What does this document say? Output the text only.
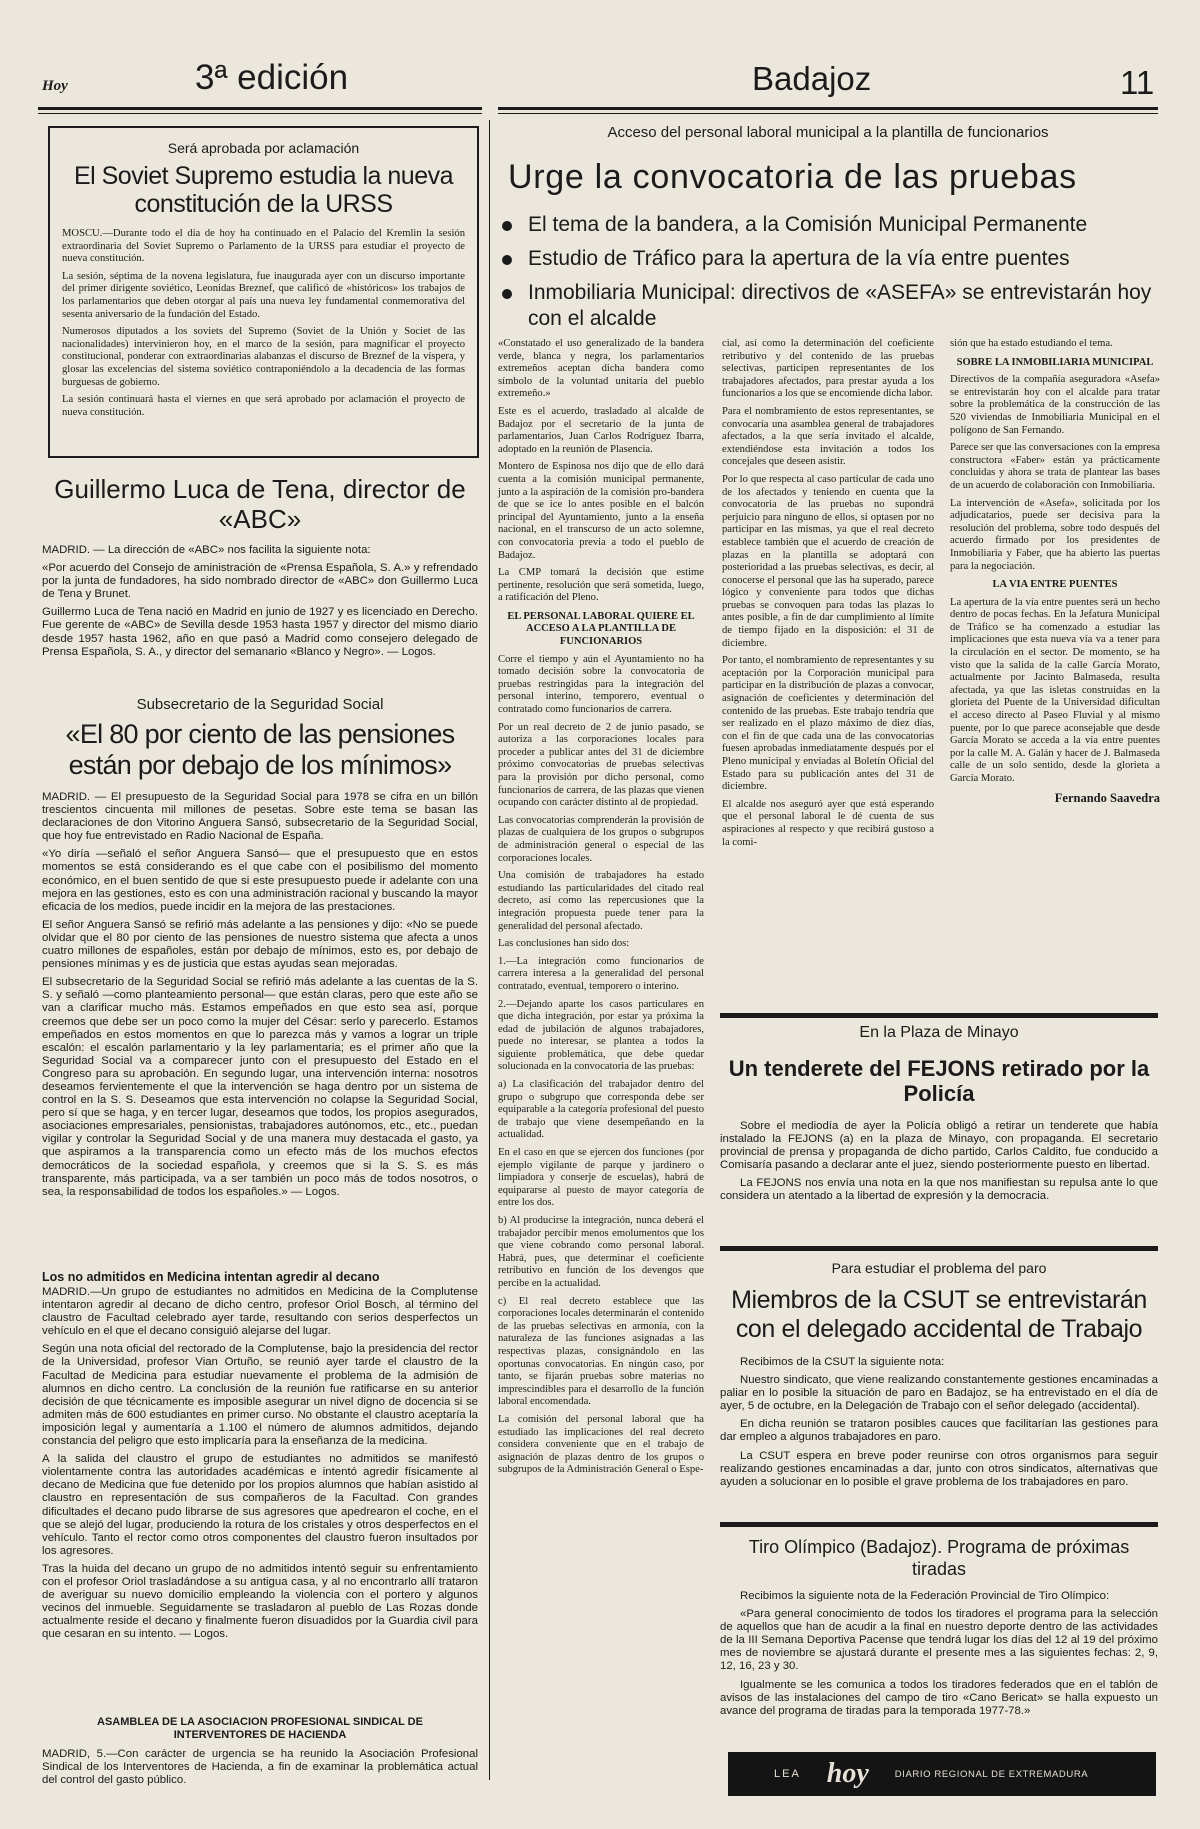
Hoy	3ª edición	Badajoz	11
Será aprobada por aclamación
El Soviet Supremo estudia la nueva constitución de la URSS

MOSCU.—Durante todo el día de hoy ha continuado en el Palacio del Kremlin la sesión extraordinaria del Soviet Supremo o Parlamento de la URSS para estudiar el proyecto de nueva constitución.

La sesión, séptima de la novena legislatura, fue inaugurada ayer con un discurso importante del primer dirigente soviético, Leonidas Breznef, que calificó de «históricos» los trabajos de los parlamentarios que deben otorgar al país una nueva ley fundamental conmemorativa del sesenta aniversario de la fundación del Estado.

Numerosos diputados a los soviets del Supremo (Soviet de la Unión y Societ de las nacionalidades) intervinieron hoy, en el marco de la sesión, para magnificar el proyecto constitucional, ponderar con extraordinarias alabanzas el discurso de Breznef de la víspera, y glosar las excelencias del sistema soviético contraponiéndolo a la decadencia de las formas burguesas de gobierno.

La sesión continuará hasta el viernes en que será aprobado por aclamación el proyecto de nueva constitución.

Guillermo Luca de Tena, director de «ABC»

MADRID. — La dirección de «ABC» nos facilita la siguiente nota:

«Por acuerdo del Consejo de aministración de «Prensa Española, S. A.» y refrendado por la junta de fundadores, ha sido nombrado director de «ABC» don Guillermo Luca de Tena y Brunet.

Guillermo Luca de Tena nació en Madrid en junio de 1927 y es licenciado en Derecho. Fue gerente de «ABC» de Sevilla desde 1953 hasta 1957 y director del mismo diario desde 1957 hasta 1962, año en que pasó a Madrid como consejero delegado de Prensa Española, S. A., y director del semanario «Blanco y Negro». — Logos.

Subsecretario de la Seguridad Social
«El 80 por ciento de las pensiones están por debajo de los mínimos»

MADRID. — El presupuesto de la Seguridad Social para 1978 se cifra en un billón trescientos cincuenta mil millones de pesetas. Sobre este tema se basan las declaraciones de don Vitorino Anguera Sansó, subsecretario de la Seguridad Social, que hoy fue entrevistado en Radio Nacional de España.

«Yo diría —señaló el señor Anguera Sansó— que el presupuesto que en estos momentos se está considerando es el que cabe con el posibilismo del momento económico, en el buen sentido de que si este presupuesto puede ir adelante con una mejora en las gestiones, esto es con una administración racional y buscando la mayor eficacia de los medios, puede incidir en la mejora de las prestaciones.

El señor Anguera Sansó se refirió más adelante a las pensiones y dijo: «No se puede olvidar que el 80 por ciento de las pensiones de nuestro sistema que afecta a unos cuatro millones de españoles, están por debajo de mínimos, esto es, por debajo de pensiones mínimas y es de justicia que estas ayudas sean mejoradas.

El subsecretario de la Seguridad Social se refirió más adelante a las cuentas de la S. S. y señaló —como planteamiento personal— que están claras, pero que este año se van a clarificar mucho más. Estamos empeñados en que esto sea así, porque creemos que debe ser un poco como la mujer del César: serlo y parecerlo. Estamos empeñados en estos momentos en que lo parezca más y vamos a lograr un triple escalón: el escalón parlamentario y la ley parlamentaria; es el primer año que la Seguridad Social va a comparecer junto con el presupuesto del Estado en el Congreso para su aprobación. En segundo lugar, una intervención interna: nosotros deseamos fervientemente el que la intervención se haga dentro por un sistema de control en la S. S. Deseamos que esta intervención no colapse la Seguridad Social, pero sí que se haga, y en tercer lugar, deseamos que todos, los propios asegurados, asociaciones empresariales, pensionistas, trabajadores autónomos, etc., etc., puedan vigilar y controlar la Seguridad Social y de una manera muy destacada el gasto, ya que aspiramos a la transparencia como un efecto más de los muchos efectos democráticos de la sociedad española, y creemos que si la S. S. es más transparente, más participada, va a ser también un poco más de todos nosotros, o sea, la responsabilidad de todos los españoles.» — Logos.

Los no admitidos en Medicina intentan agredir al decano

MADRID.—Un grupo de estudiantes no admitidos en Medicina de la Complutense intentaron agredir al decano de dicho centro, profesor Oriol Bosch, al término del claustro de Facultad celebrado ayer tarde, resultando con serios desperfectos un vehículo en el que el decano consiguió alejarse del lugar.

Según una nota oficial del rectorado de la Complutense, bajo la presidencia del rector de la Universidad, profesor Vian Ortuño, se reunió ayer tarde el claustro de la Facultad de Medicina para estudiar nuevamente el problema de la admisión de alumnos en dicho centro. La conclusión de la reunión fue ratificarse en su anterior decisión de que técnicamente es imposible asegurar un nivel digno de docencia si se admiten más de 600 estudiantes en primer curso. No obstante el claustro aceptaría la imposición legal y aumentaría a 1.100 el número de alumnos admitidos, dejando constancia del peligro que esto implicaría para la enseñanza de la medicina.

A la salida del claustro el grupo de estudiantes no admitidos se manifestó violentamente contra las autoridades académicas e intentó agredir físicamente al decano de Medicina que fue detenido por los propios alumnos que habían asistido al claustro en representación de sus compañeros de la Facultad. Con grandes dificultades el decano pudo librarse de sus agresores que apedrearon el coche, en el que se alejó del lugar, produciendo la rotura de los cristales y otros desperfectos en el vehículo. Tanto el rector como otros componentes del claustro fueron insultados por los agresores.

Tras la huida del decano un grupo de no admitidos intentó seguir su enfrentamiento con el profesor Oriol trasladándose a su antigua casa, y al no encontrarlo allí trataron de averiguar su nuevo domicilio empleando la violencia con el portero y algunos vecinos del inmueble. Seguidamente se trasladaron al pueblo de Las Rozas donde actualmente reside el decano y finalmente fueron disuadidos por la Guardia civil para que cesaran en su intento. — Logos.

ASAMBLEA DE LA ASOCIACION PROFESIONAL SINDICAL DE INTERVENTORES DE HACIENDA

MADRID, 5.—Con carácter de urgencia se ha reunido la Asociación Profesional Sindical de los Interventores de Hacienda, a fin de examinar la problemática actual del control del gasto público.

Acceso del personal laboral municipal a la plantilla de funcionarios
Urge la convocatoria de las pruebas
El tema de la bandera, a la Comisión Municipal Permanente
Estudio de Tráfico para la apertura de la vía entre puentes
Inmobiliaria Municipal: directivos de «ASEFA» se entrevistarán hoy con el alcalde

«Constatado el uso generalizado de la bandera verde, blanca y negra, los parlamentarios extremeños aceptan dicha bandera como símbolo de la voluntad unitaria del pueblo extremeño.»

Este es el acuerdo, trasladado al alcalde de Badajoz por el secretario de la junta de parlamentarios, Juan Carlos Rodríguez Ibarra, adoptado en la reunión de Plasencia.

Montero de Espinosa nos dijo que de ello dará cuenta a la comisión municipal permanente, junto a la aspiración de la comisión pro-bandera de que se ice lo antes posible en el balcón principal del Ayuntamiento, junto a la enseña nacional, en el transcurso de un acto solemne, con convocatoria previa a todo el pueblo de Badajoz.

La CMP tomará la decisión que estime pertinente, resolución que será sometida, luego, a ratificación del Pleno.

EL PERSONAL LABORAL QUIERE EL ACCESO A LA PLANTILLA DE FUNCIONARIOS

Corre el tiempo y aún el Ayuntamiento no ha tomado decisión sobre la convocatoria de pruebas restringidas para la integración del personal interino, temporero, eventual o contratado como funcionarios de carrera.

Por un real decreto de 2 de junio pasado, se autoriza a las corporaciones locales para proceder a publicar antes del 31 de diciembre próximo convocatorias de pruebas selectivas para la provisión por dicho personal, como funcionarios de carrera, de las plazas que vienen ocupando con carácter distinto al de propiedad.

Las convocatorias comprenderán la provisión de plazas de cualquiera de los grupos o subgrupos de administración general o especial de las corporaciones locales.

Una comisión de trabajadores ha estado estudiando las particularidades del citado real decreto, así como las repercusiones que la integración propuesta puede tener para la generalidad del personal afectado.

Las conclusiones han sido dos:

1.—La integración como funcionarios de carrera interesa a la generalidad del personal contratado, eventual, temporero o interino.

2.—Dejando aparte los casos particulares en que dicha integración, por estar ya próxima la edad de jubilación de algunos trabajadores, puede no interesar, se plantea a todos la siguiente problemática, que debe quedar solucionada en la convocatoria de las pruebas:

a) La clasificación del trabajador dentro del grupo o subgrupo que corresponda debe ser equiparable a la categoría profesional del puesto de trabajo que viene desempeñando en la actualidad.

En el caso en que se ejercen dos funciones (por ejemplo vigilante de parque y jardinero o limpiadora y conserje de escuelas), habrá de equipararse al puesto de mayor categoría de entre los dos.

b) Al producirse la integración, nunca deberá el trabajador percibir menos emolumentos que los que viene cobrando como personal laboral. Habrá, pues, que determinar el coeficiente retributivo en función de los devengos que percibe en la actualidad.

c) El real decreto establece que las corporaciones locales determinarán el contenido de las pruebas selectivas en armonía, con la naturaleza de las funciones asignadas a las respectivas plazas, consignándolo en las oportunas convocatorias. En ningún caso, por tanto, se fijarán pruebas sobre materias no imprescindibles para el desarrollo de la función laboral encomendada.

La comisión del personal laboral que ha estudiado las implicaciones del real decreto considera conveniente que en el trabajo de asignación de plazas dentro de los grupos o subgrupos de la Administración General o Espe-

cial, así como la determinación del coeficiente retributivo y del contenido de las pruebas selectivas, participen representantes de los trabajadores afectados, para prestar ayuda a los funcionarios a los que se encomiende dicha labor.

Para el nombramiento de estos representantes, se convocaría una asamblea general de trabajadores afectados, a la que sería invitado el alcalde, extendiéndose esta invitación a todos los concejales que deseen asistir.

Por lo que respecta al caso particular de cada uno de los afectados y teniendo en cuenta que la convocatoria de las pruebas no supondrá perjuicio para ninguno de ellos, si optasen por no participar en las mismas, ya que el real decreto establece también que el acuerdo de creación de plazas en la plantilla se adoptará con posterioridad a las pruebas selectivas, es decir, al conocerse el personal que las ha superado, parece lógico y conveniente para todos que dichas pruebas se convoquen para todas las plazas lo antes posible, a fin de dar cumplimiento al límite de tiempo fijado en la disposición: el 31 de diciembre.

Por tanto, el nombramiento de representantes y su aceptación por la Corporación municipal para participar en la distribución de plazas a convocar, asignación de coeficientes y determinación del contenido de las pruebas. Este trabajo tendría que ser realizado en el plazo máximo de diez días, con el fin de que cada una de las convocatorias fuesen aprobadas inmediatamente después por el Pleno municipal y enviadas al Boletín Oficial del Estado para su publicación antes del 31 de diciembre.

El alcalde nos aseguró ayer que está esperando que el personal laboral le dé cuenta de sus aspiraciones al respecto y que recibirá gustoso a la comi-

sión que ha estado estudiando el tema.

SOBRE LA INMOBILIARIA MUNICIPAL

Directivos de la compañía aseguradora «Asefa» se entrevistarán hoy con el alcalde para tratar sobre la problemática de la construcción de las 520 viviendas de Inmobiliaria Municipal en el polígono de San Fernando.

Parece ser que las conversaciones con la empresa constructora «Faber» están ya prácticamente concluidas y ahora se trata de plantear las bases de un acuerdo de colaboración con Inmobiliaria.

La intervención de «Asefa», solicitada por los adjudicatarios, puede ser decisiva para la resolución del problema, sobre todo después del acuerdo firmado por los presidentes de Inmobiliaria y Faber, que ha abierto las puertas para la negociación.

LA VIA ENTRE PUENTES

La apertura de la vía entre puentes será un hecho dentro de pocas fechas. En la Jefatura Municipal de Tráfico se ha comenzado a estudiar las implicaciones que esta nueva vía va a tener para la circulación en el sector. De momento, se ha visto que la salida de la calle García Morato, actualmente por Jacinto Balmaseda, resulta afectada, ya que las isletas construidas en la glorieta del Puente de la Universidad dificultan el acceso directo al Paseo Fluvial y al mismo puente, por lo que parece aconsejable que desde García Morato se acceda a la vía entre puentes por la calle M. A. Galán y hacer de J. Balmaseda calle de un solo sentido, desde la glorieta a García Morato.

Fernando Saavedra
En la Plaza de Minayo
Un tenderete del FEJONS retirado por la Policía

Sobre el mediodía de ayer la Policía obligó a retirar un tenderete que había instalado la FEJONS (a) en la plaza de Minayo, con propaganda. El secretario provincial de prensa y propaganda de dicho partido, Carlos Caldito, fue conducido a Comisaría pasando a declarar ante el juez, siendo posteriormente puesto en libertad.

La FEJONS nos envía una nota en la que nos manifiestan su repulsa ante lo que considera un atentado a la libertad de expresión y la democracia.

Para estudiar el problema del paro
Miembros de la CSUT se entrevistarán con el delegado accidental de Trabajo

Recibimos de la CSUT la siguiente nota:

Nuestro sindicato, que viene realizando constantemente gestiones encaminadas a paliar en lo posible la situación de paro en Badajoz, se ha entrevistado en el día de ayer, 5 de octubre, en la Delegación de Trabajo con el señor delegado (accidental).

En dicha reunión se trataron posibles cauces que facilitarían las gestiones para dar empleo a algunos trabajadores en paro.

La CSUT espera en breve poder reunirse con otros organismos para seguir realizando gestiones encaminadas a dar, junto con otros sindicatos, alternativas que ayuden a solucionar en lo posible el grave problema de los trabajadores en paro.

Tiro Olímpico (Badajoz). Programa de próximas tiradas

Recibimos la siguiente nota de la Federación Provincial de Tiro Olímpico:

«Para general conocimiento de todos los tiradores el programa para la selección de aquellos que han de acudir a la final en nuestro deporte dentro de las actividades de la III Semana Deportiva Pacense que tendrá lugar los días del 12 al 19 del próximo mes de noviembre se ajustará durante el presente mes a las siguientes fechas: 2, 9, 12, 16, 23 y 30.

Igualmente se les comunica a todos los tiradores federados que en el tablón de avisos de las instalaciones del campo de tiro «Cano Bericat» se halla expuesto un avance del programa de tiradas para la temporada 1977-78.»

LEA hoy	DIARIO REGIONAL DE EXTREMADURA
